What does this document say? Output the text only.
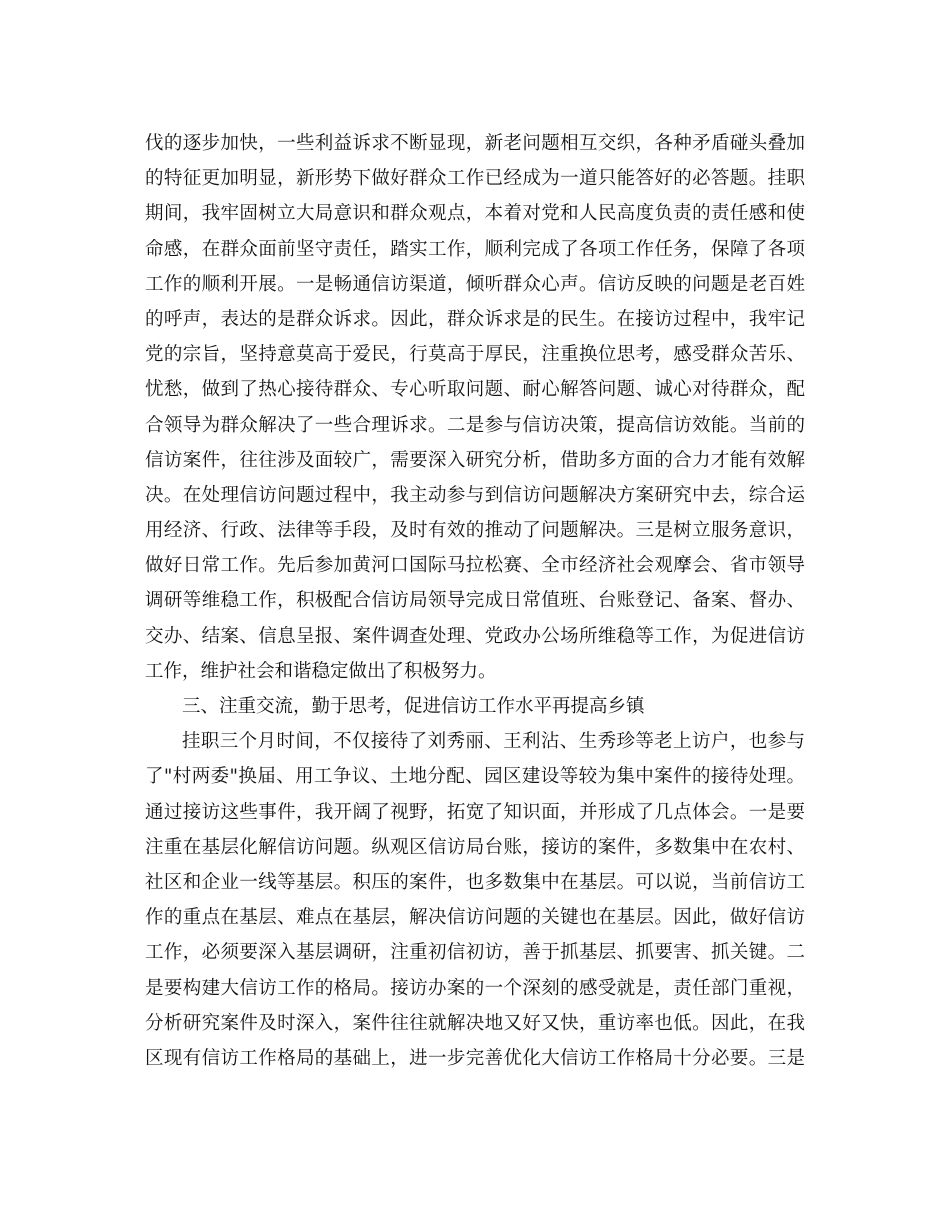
伐的逐步加快，一些利益诉求不断显现，新老问题相互交织，各种矛盾碰头叠加
的特征更加明显，新形势下做好群众工作已经成为一道只能答好的必答题。挂职
期间，我牢固树立大局意识和群众观点，本着对党和人民高度负责的责任感和使
命感，在群众面前坚守责任，踏实工作，顺利完成了各项工作任务，保障了各项
工作的顺利开展。一是畅通信访渠道，倾听群众心声。信访反映的问题是老百姓
的呼声，表达的是群众诉求。因此，群众诉求是的民生。在接访过程中，我牢记
党的宗旨，坚持意莫高于爱民，行莫高于厚民，注重换位思考，感受群众苦乐、
忧愁，做到了热心接待群众、专心听取问题、耐心解答问题、诚心对待群众，配
合领导为群众解决了一些合理诉求。二是参与信访决策，提高信访效能。当前的
信访案件，往往涉及面较广，需要深入研究分析，借助多方面的合力才能有效解
决。在处理信访问题过程中，我主动参与到信访问题解决方案研究中去，综合运
用经济、行政、法律等手段，及时有效的推动了问题解决。三是树立服务意识，
做好日常工作。先后参加黄河口国际马拉松赛、全市经济社会观摩会、省市领导
调研等维稳工作，积极配合信访局领导完成日常值班、台账登记、备案、督办、
交办、结案、信息呈报、案件调查处理、党政办公场所维稳等工作，为促进信访
工作，维护社会和谐稳定做出了积极努力。
三、注重交流，勤于思考，促进信访工作水平再提高乡镇
挂职三个月时间，不仅接待了刘秀丽、王利沾、生秀珍等老上访户，也参与
了"村两委"换届、用工争议、土地分配、园区建设等较为集中案件的接待处理。
通过接访这些事件，我开阔了视野，拓宽了知识面，并形成了几点体会。一是要
注重在基层化解信访问题。纵观区信访局台账，接访的案件，多数集中在农村、
社区和企业一线等基层。积压的案件，也多数集中在基层。可以说，当前信访工
作的重点在基层、难点在基层，解决信访问题的关键也在基层。因此，做好信访
工作，必须要深入基层调研，注重初信初访，善于抓基层、抓要害、抓关键。二
是要构建大信访工作的格局。接访办案的一个深刻的感受就是，责任部门重视，
分析研究案件及时深入，案件往往就解决地又好又快，重访率也低。因此，在我
区现有信访工作格局的基础上，进一步完善优化大信访工作格局十分必要。三是
